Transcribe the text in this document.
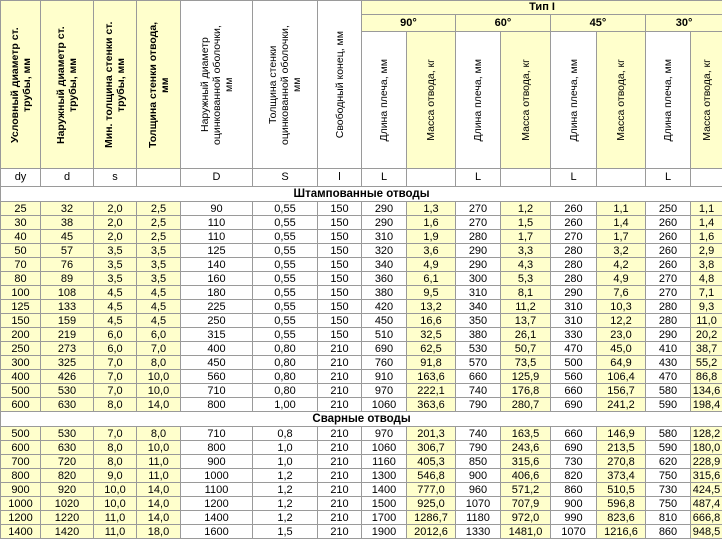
Условный диаметр ст. трубы, мм	Наружный диаметр ст. трубы, мм	Мин. толщина стенки ст. трубы, мм	Толщина стенки отвода, мм	Наружный диаметр оцинкованной оболочки, мм	Толщина стенки оцинкованной оболочки, мм	Свободный конец, мм	Тип I							
							90°		60°		45°		30°	

							Длина плеча, мм	Масса отвода, кг	Длина плеча, мм	Масса отвода, кг	Длина плеча, мм	Масса отвода, кг	Длина плеча, мм	Масса отвода, кг

dy	d	s		D	S	l	L		L		L		L	
Штампованные отводы														
25	32	2,0	2,5	90	0,55	150	290	1,3	270	1,2	260	1,1	250	1,1
30	38	2,0	2,5	110	0,55	150	290	1,6	270	1,5	260	1,4	260	1,4
40	45	2,0	2,5	110	0,55	150	310	1,9	280	1,7	270	1,7	260	1,6
50	57	3,5	3,5	125	0,55	150	320	3,6	290	3,3	280	3,2	260	2,9
70	76	3,5	3,5	140	0,55	150	340	4,9	290	4,3	280	4,2	260	3,8
80	89	3,5	3,5	160	0,55	150	360	6,1	300	5,3	280	4,9	270	4,8
100	108	4,5	4,5	180	0,55	150	380	9,5	310	8,1	290	7,6	270	7,1
125	133	4,5	4,5	225	0,55	150	420	13,2	340	11,2	310	10,3	280	9,3
150	159	4,5	4,5	250	0,55	150	450	16,6	350	13,7	310	12,2	280	11,0
200	219	6,0	6,0	315	0,55	150	510	32,5	380	26,1	330	23,0	290	20,2
250	273	6,0	7,0	400	0,80	210	690	62,5	530	50,7	470	45,0	410	38,7
300	325	7,0	8,0	450	0,80	210	760	91,8	570	73,5	500	64,9	430	55,2
400	426	7,0	10,0	560	0,80	210	910	163,6	660	125,9	560	106,4	470	86,8
500	530	7,0	10,0	710	0,80	210	970	222,1	740	176,8	660	156,7	580	134,6
600	630	8,0	14,0	800	1,00	210	1060	363,6	790	280,7	690	241,2	590	198,4
Сварные отводы														
500	530	7,0	8,0	710	0,8	210	970	201,3	740	163,5	660	146,9	580	128,2
600	630	8,0	10,0	800	1,0	210	1060	306,7	790	243,6	690	213,5	590	180,0
700	720	8,0	11,0	900	1,0	210	1160	405,3	850	315,6	730	270,8	620	228,9
800	820	9,0	11,0	1000	1,2	210	1300	546,8	900	406,6	820	373,4	750	315,6
900	920	10,0	14,0	1100	1,2	210	1400	777,0	960	571,2	860	510,5	730	424,5
1000	1020	10,0	14,0	1200	1,2	210	1500	925,0	1070	707,9	900	596,8	750	487,4
1200	1220	11,0	14,0	1400	1,2	210	1700	1286,7	1180	972,0	990	823,6	810	666,8
1400	1420	11,0	18,0	1600	1,5	210	1900	2012,6	1330	1481,0	1070	1216,6	860	948,5
